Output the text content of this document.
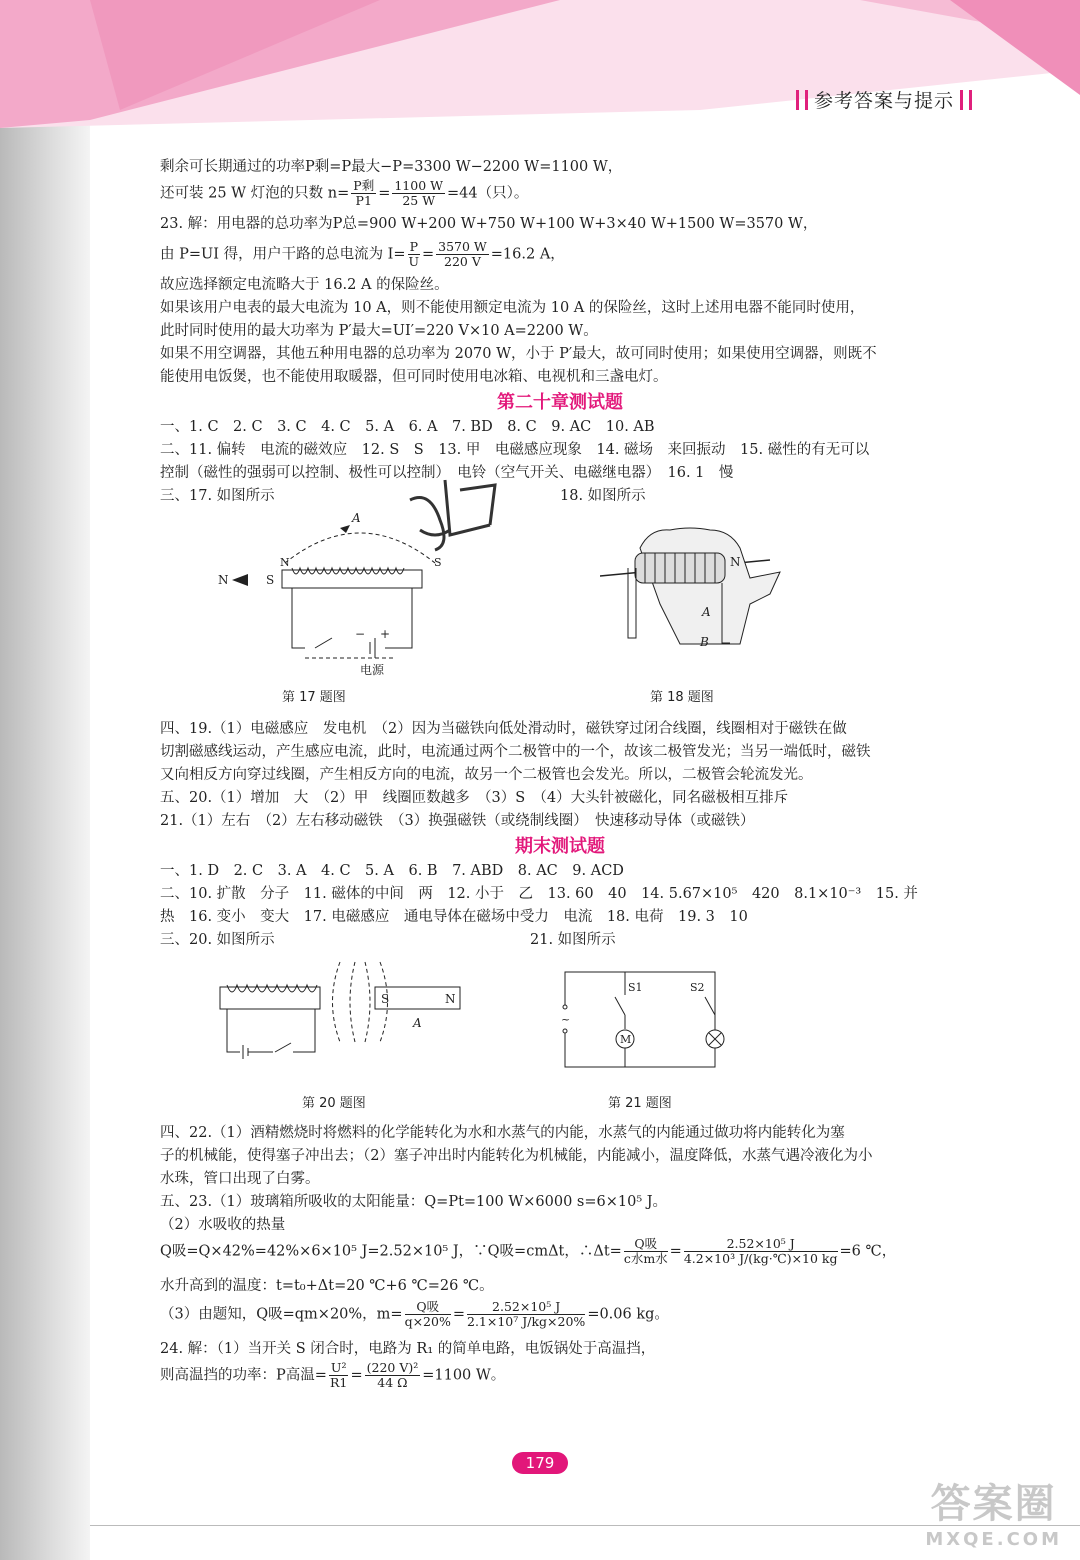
参考答案与提示
剩余可长期通过的功率P剩=P最大−P=3300 W−2200 W=1100 W，
还可装 25 W 灯泡的只数 $n= \frac{\text{P剩}}{P1} = \frac{1100 W}{25 W} =44$（只）。
23. 解：用电器的总功率为P总=900 W+200 W+750 W+100 W+3×40 W+1500 W=3570 W，
由 P=UI 得，用户干路的总电流为 $I= \frac{P}{U} = \frac{3570 W}{220 V} =16.2$ A，
故应选择额定电流略大于 16.2 A 的保险丝。
如果该用户电表的最大电流为 10 A，则不能使用额定电流为 10 A 的保险丝，这时上述用电器不能同时使用，
此时同时使用的最大功率为 P′最大=UI′=220 V×10 A=2200 W。
如果不用空调器，其他五种用电器的总功率为 2070 W，小于 P′最大，故可同时使用；如果使用空调器，则既不
能使用电饭煲，也不能使用取暖器，但可同时使用电冰箱、电视机和三盏电灯。
第二十章测试题
一、1. C　2. C　3. C　4. C　5. A　6. A　7. BD　8. C　9. AC　10. AB
二、11. 偏转　电流的磁效应　12. S　S　13. 甲　电磁感应现象　14. 磁场　来回振动　15. 磁性的有无可以
控制（磁性的强弱可以控制、极性可以控制）　电铃（空气开关、电磁继电器）　16. 1　慢
三、17. 如图所示	18. 如图所示
A
N	S
N	S
− +
电源
第 17 题图
N
A
B
第 18 题图
四、19.（1）电磁感应　发电机　（2）因为当磁铁向低处滑动时，磁铁穿过闭合线圈，线圈相对于磁铁在做
切割磁感线运动，产生感应电流，此时，电流通过两个二极管中的一个，故该二极管发光；当另一端低时，磁铁
又向相反方向穿过线圈，产生相反方向的电流，故另一个二极管也会发光。所以，二极管会轮流发光。
五、20.（1）增加　大　（2）甲　线圈匝数越多　（3）S　（4）大头针被磁化，同名磁极相互排斥
21.（1）左右　（2）左右移动磁铁　（3）换强磁铁（或绕制线圈）　快速移动导体（或磁铁）
期末测试题
一、1. D　2. C　3. A　4. C　5. A　6. B　7. ABD　8. AC　9. ACD
二、10. 扩散　分子　11. 磁体的中间　两　12. 小于　乙　13. 60　40　14. 5.67×10⁵　420　8.1×10⁻³　15. 并
热　16. 变小　变大　17. 电磁感应　通电导体在磁场中受力　电流　18. 电荷　19. 3　10
三、20. 如图所示	21. 如图所示
S	N
A
第 20 题图
~
M
S1	S2
第 21 题图
四、22.（1）酒精燃烧时将燃料的化学能转化为水和水蒸气的内能，水蒸气的内能通过做功将内能转化为塞
子的机械能，使得塞子冲出去；（2）塞子冲出时内能转化为机械能，内能减小，温度降低，水蒸气遇冷液化为小
水珠，管口出现了白雾。
五、23.（1）玻璃箱所吸收的太阳能量：Q=Pt=100 W×6000 s=6×10⁵ J。
（2）水吸收的热量
Q吸=Q×42%=42%×6×10⁵ J=2.52×10⁵ J，∵Q吸=cmΔt，∴Δt= $\frac{\text{Q吸}}{\text{c水m水}} = \frac{\text{2.52×10⁵ J}}{\text{4.2×10³ J/(kg·℃)×10 kg}} =6$ ℃，
水升高到的温度：t=t₀+Δt=20 ℃+6 ℃=26 ℃。
（3）由题知，Q吸=qm×20%，$m= \frac{\text{Q吸}}{q\times 20\%} = \frac{\text{2.52×10⁵ J}}{\text{2.1×10⁷ J/kg×20\%}} =0.06$ kg。
24. 解：（1）当开关 S 闭合时，电路为 R₁ 的简单电路，电饭锅处于高温挡，
则高温挡的功率：P高温= $\frac{\text{U²}}{R1} = \frac{\text{(220 V)²}}{44 \Omega} =1100$ W。
179
答案圈
MXQE.COM
